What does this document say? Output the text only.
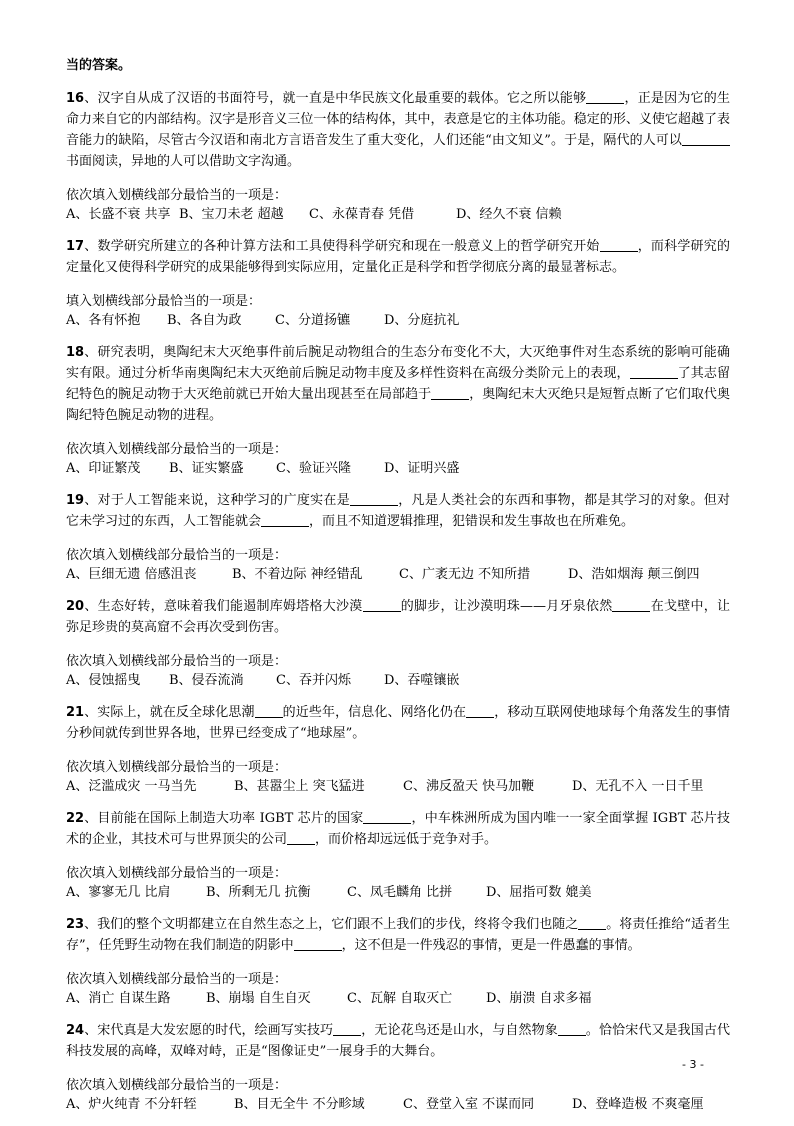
当的答案。

16、汉字自从成了汉语的书面符号，就一直是中华民族文化最重要的载体。它之所以能够	，正是因为它的生命力来自它的内部结构。汉字是形音义三位一体的结构体，其中，表意是它的主体功能。稳定的形、义使它超越了表音能力的缺陷，尽管古今汉语和南北方言语音发生了重大变化，人们还能“由文知义”。于是，隔代的人可以书面阅读，异地的人可以借助文字沟通。

依次填入划横线部分最恰当的一项是：

A、长盛不衰 共享 B、宝刀未老 超越 C、永葆青春 凭借	D、经久不衰 信赖

17、数学研究所建立的各种计算方法和工具使得科学研究和现在一般意义上的哲学研究开始	，而科学研究的定量化又使得科学研究的成果能够得到实际应用，定量化正是科学和哲学彻底分离的最显著标志。

填入划横线部分最恰当的一项是：

A、各有怀抱 B、各自为政	C、分道扬镳	D、分庭抗礼

18、研究表明，奥陶纪末大灭绝事件前后腕足动物组合的生态分布变化不大，大灭绝事件对生态系统的影响可能确实有限。通过分析华南奥陶纪末大灭绝前后腕足动物丰度及多样性资料在高级分类阶元上的表现，	了其志留纪特色的腕足动物于大灭绝前就已开始大量出现甚至在局部趋于	，奥陶纪末大灭绝只是短暂点断了它们取代奥陶纪特色腕足动物的进程。

依次填入划横线部分最恰当的一项是：

A、印证繁茂 B、证实繁盛 C、验证兴隆	D、证明兴盛

19、对于人工智能来说，这种学习的广度实在是	，凡是人类社会的东西和事物，都是其学习的对象。但对它未学习过的东西，人工智能就会	，而且不知道逻辑推理，犯错误和发生事故也在所难免。

依次填入划横线部分最恰当的一项是：

A、巨细无遗 倍感沮丧	B、不着边际 神经错乱	C、广袤无边 不知所措	D、浩如烟海 颠三倒四

20、生态好转，意味着我们能遏制库姆塔格大沙漠	的脚步，让沙漠明珠——月牙泉依然	在戈壁中，让弥足珍贵的莫高窟不会再次受到伤害。

依次填入划横线部分最恰当的一项是：

A、侵蚀摇曳 B、侵吞流淌 C、吞并闪烁	D、吞噬镶嵌

21、实际上，就在反全球化思潮 的近些年，信息化、网络化仍在 ，移动互联网使地球每个角落发生的事情分秒间就传到世界各地，世界已经变成了“地球屋”。

依次填入划横线部分最恰当的一项是：

A、泛滥成灾 一马当先	B、甚嚣尘上 突飞猛进	C、沸反盈天 快马加鞭	D、无孔不入 一日千里

22、目前能在国际上制造大功率 IGBT 芯片的国家	，中车株洲所成为国内唯一一家全面掌握 IGBT 芯片技术的企业，其技术可与世界顶尖的公司 ，而价格却远远低于竞争对手。

依次填入划横线部分最恰当的一项是：

A、寥寥无几 比肩	B、所剩无几 抗衡	C、凤毛麟角 比拼	D、屈指可数 媲美

23、我们的整个文明都建立在自然生态之上，它们跟不上我们的步伐，终将令我们也随之 。将责任推给“适者生存”，任凭野生动物在我们制造的阴影中	，这不但是一件残忍的事情，更是一件愚蠢的事情。

依次填入划横线部分最恰当的一项是：

A、消亡 自谋生路	B、崩塌 自生自灭	C、瓦解 自取灭亡	D、崩溃 自求多福

24、宋代真是大发宏愿的时代，绘画写实技巧 ，无论花鸟还是山水，与自然物象 。恰恰宋代又是我国古代科技发展的高峰，双峰对峙，正是“图像证史”一展身手的大舞台。

依次填入划横线部分最恰当的一项是：

A、炉火纯青 不分轩轾	B、目无全牛 不分畛域	C、登堂入室 不谋而同	D、登峰造极 不爽毫厘

- 3 -
